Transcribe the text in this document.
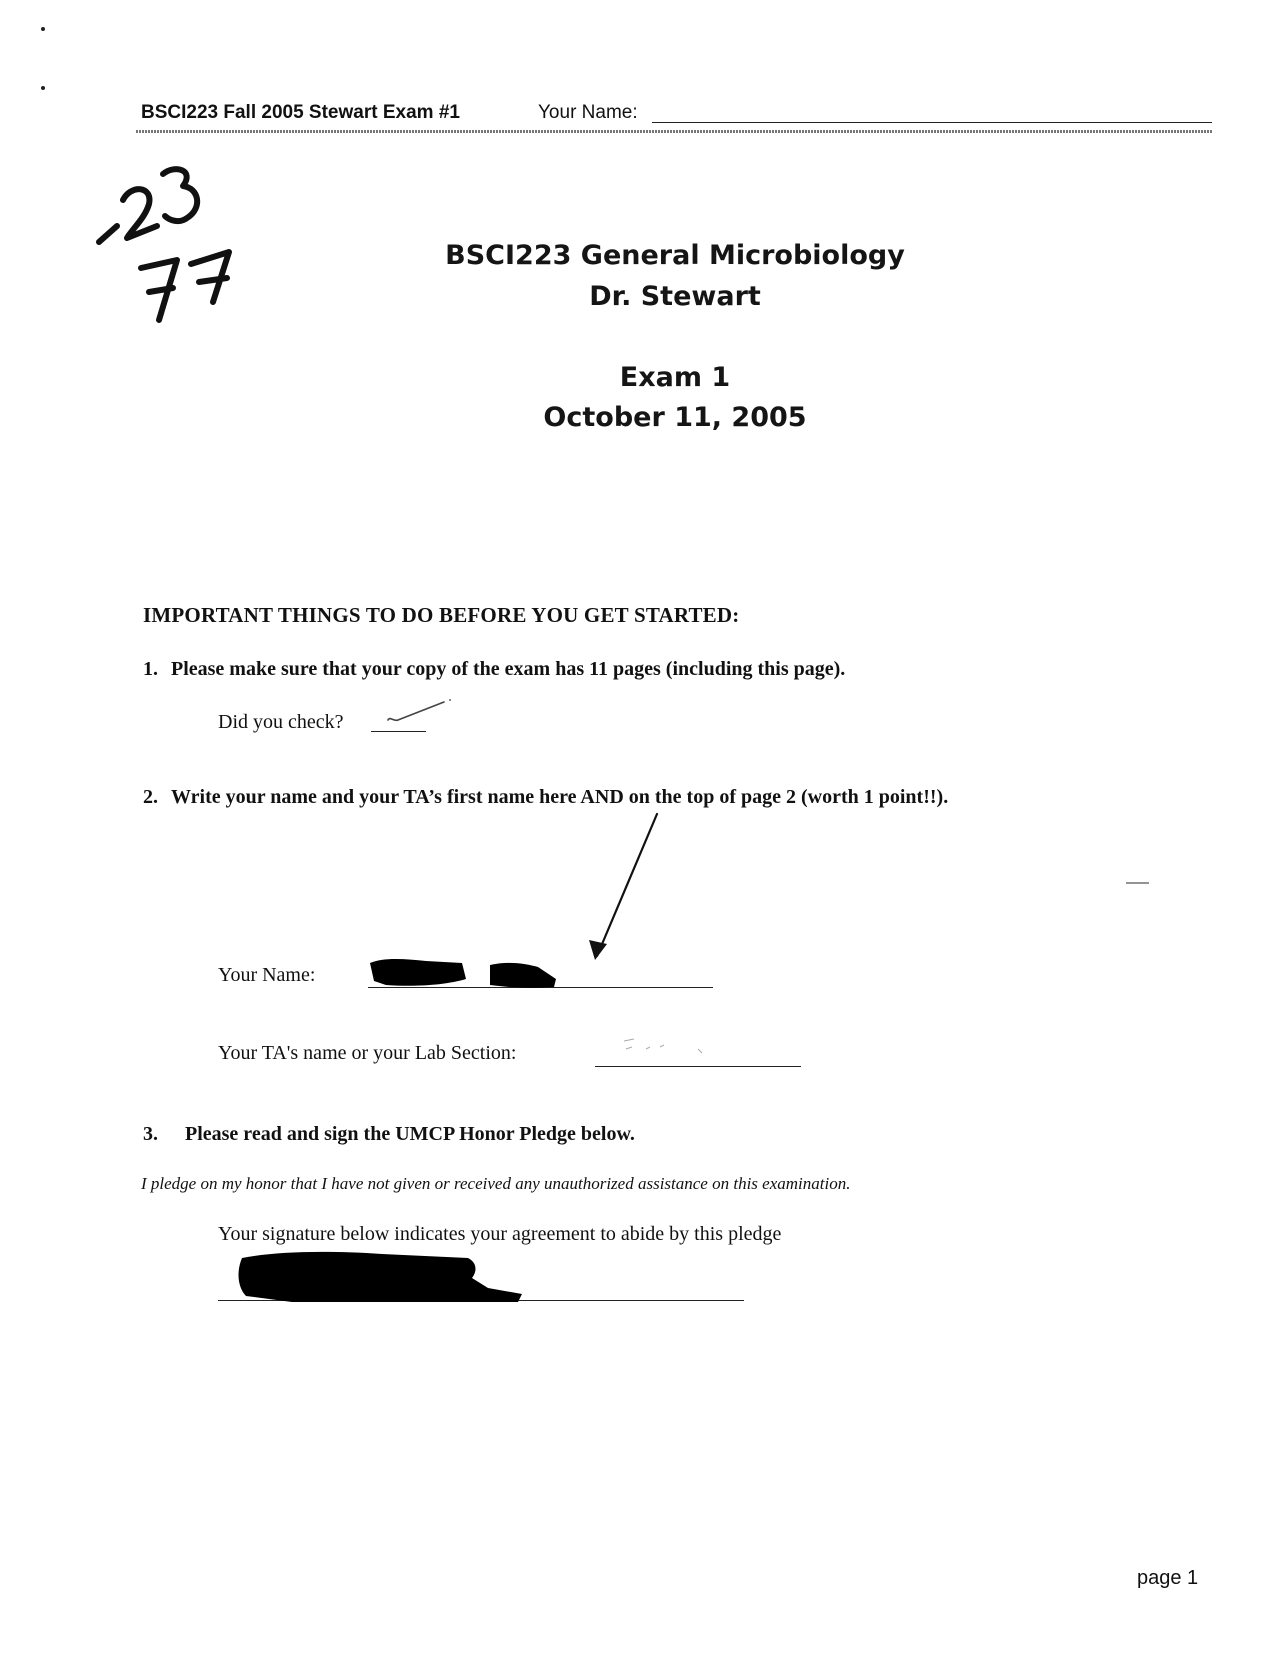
BSCI223 Fall 2005 Stewart Exam #1	Your Name:
BSCI223 General Microbiology
Dr. Stewart
Exam 1
October 11, 2005
IMPORTANT THINGS TO DO BEFORE YOU GET STARTED:
1. Please make sure that your copy of the exam has 11 pages (including this page).
Did you check?
2. Write your name and your TA’s first name here AND on the top of page 2 (worth 1 point!!).
Your Name:
Your TA's name or your Lab Section:
3. Please read and sign the UMCP Honor Pledge below.
I pledge on my honor that I have not given or received any unauthorized assistance on this examination.
Your signature below indicates your agreement to abide by this pledge
page 1
